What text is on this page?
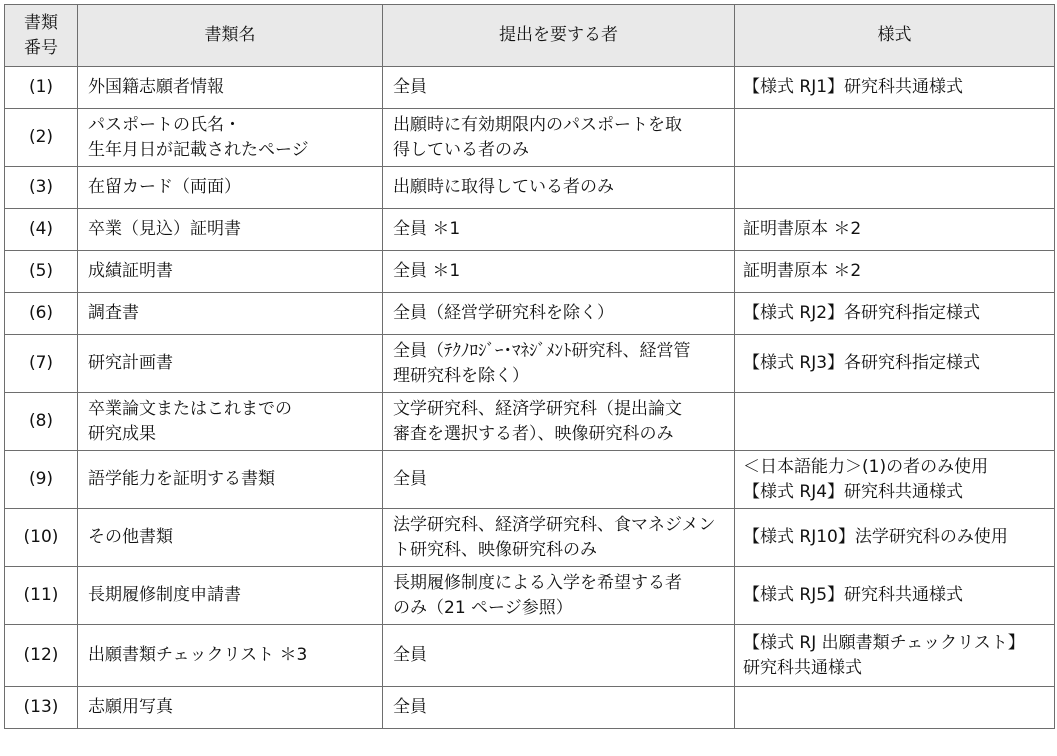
書類
番号	書類名	提出を要する者	様式
(1)	外国籍志願者情報	全員	【様式 RJ1】研究科共通様式

(2)	パスポートの氏名・
生年月日が記載されたページ	出願時に有効期限内のパスポートを取
得している者のみ	

(3)	在留カード（両面）	出願時に取得している者のみ	

(4)	卒業（見込）証明書	全員 ＊1	証明書原本 ＊2

(5)	成績証明書	全員 ＊1	証明書原本 ＊2

(6)	調査書	全員（経営学研究科を除く）	【様式 RJ2】各研究科指定様式

(7)	研究計画書	全員（ﾃｸﾉﾛｼﾞｰ･ﾏﾈｼﾞﾒﾝﾄ研究科、経営管
理研究科を除く）	【様式 RJ3】各研究科指定様式

(8)	卒業論文またはこれまでの
研究成果	文学研究科、経済学研究科（提出論文
審査を選択する者）、映像研究科のみ	

(9)	語学能力を証明する書類	全員	＜日本語能力＞(1)の者のみ使用
【様式 RJ4】研究科共通様式

(10)	その他書類	法学研究科、経済学研究科、食マネジメン
ト研究科、映像研究科のみ	【様式 RJ10】法学研究科のみ使用

(11)	長期履修制度申請書	長期履修制度による入学を希望する者
のみ（21 ページ参照）	【様式 RJ5】研究科共通様式

(12)	出願書類チェックリスト ＊3	全員	【様式 RJ 出願書類チェックリスト】
研究科共通様式

(13)	志願用写真	全員	
